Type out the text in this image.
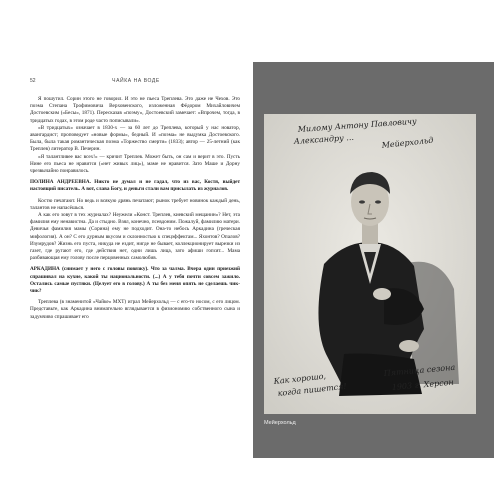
52	ЧАЙКА НА ВОДЕ

Я пошутил. Сорин этого не говорил. И это не пьеса Треплева. Это даже не Чехов. Это поэма Степана Трофимовича Верховенского, изложенная Фёдором Михайловичем Достоевским («Бесы», 1871). Пересказав «поэму», Достоевский замечает: «Впрочем, тогда, в тридцатых годах, в этом роде часто пописывали».

«В тридцатых» означает в 1830-х — за 60 лет до Треплева, который у нас новатор, авангардист; проповедует «новые формы», бедный. И «поэма» не выдумка Достоевского. Была, была такая романтическая поэма «Торжество смерти» (1833); автор — 25-летний (как Треплев) литератор В. Печерин.

«Я талантливее вас всех!» — кричит Треплев. Может быть, он сам и верит в это. Пусть Нине его пьеса не нравится («нет живых лиц»), маме не нравится. Зато Маше и Дорну чрезвычайно понравилось.

ПОЛИНА АНДРЕЕВНА. Никто не думал и не гадал, что из вас, Костя, выйдет настоящий писатель. А вот, слава Богу, и деньги стали вам присылать из журналов.

Костю печатают. Но ведь и всякую дрянь печатают; рынок требует новинок каждый день, талантов не напасёшься.

А как его зовут в тех журналах? Неужели «Конст. Треплев, киевский мещанин»? Нет, эта фамилия ему ненавистна. Да и стыдно. Взял, конечно, псевдоним. Пожалуй, фамилию матери. Девичья фамилия мамы (Сорина) ему не подходит. Она-то небось Аркадина (греческая мифология). А он? С его дурным вкусом и склонностью к спецэффектам... Яхонтов? Опалов? Изумрудов? Жизнь его пуста, никуда не ездит, нигде не бывает, коллекционирует вырезки из газет, где ругают его, где действия нет, одни лишь лица, зато афиши гопсят... Мама разбивающая ему голову после перцовенных самолюбив.

АРКАДИНА (снимает у него с головы повязку). Что за чалма. Вчера один приезжий спрашивал на кухне, какой ты национальности. (...) А у тебя почти совсем зажило. Остались самые пустяки. (Целует его в голову.) А ты без меня опять не сделаешь чик-чик?

Треплева (в знаменитой «Чайке» МХТ) играл Мейерхольд — с его-то носом, с его лицом. Представьте, как Аркадина внимательно вглядывается в физиономию собственного сына и задумчиво спрашивает его

Милому Антону Павловичу
Александру ...	Мейерхольд
Как хорошо,
когда пишется!
Пятница сезона
1903 г. Херсон
Мейерхольд
